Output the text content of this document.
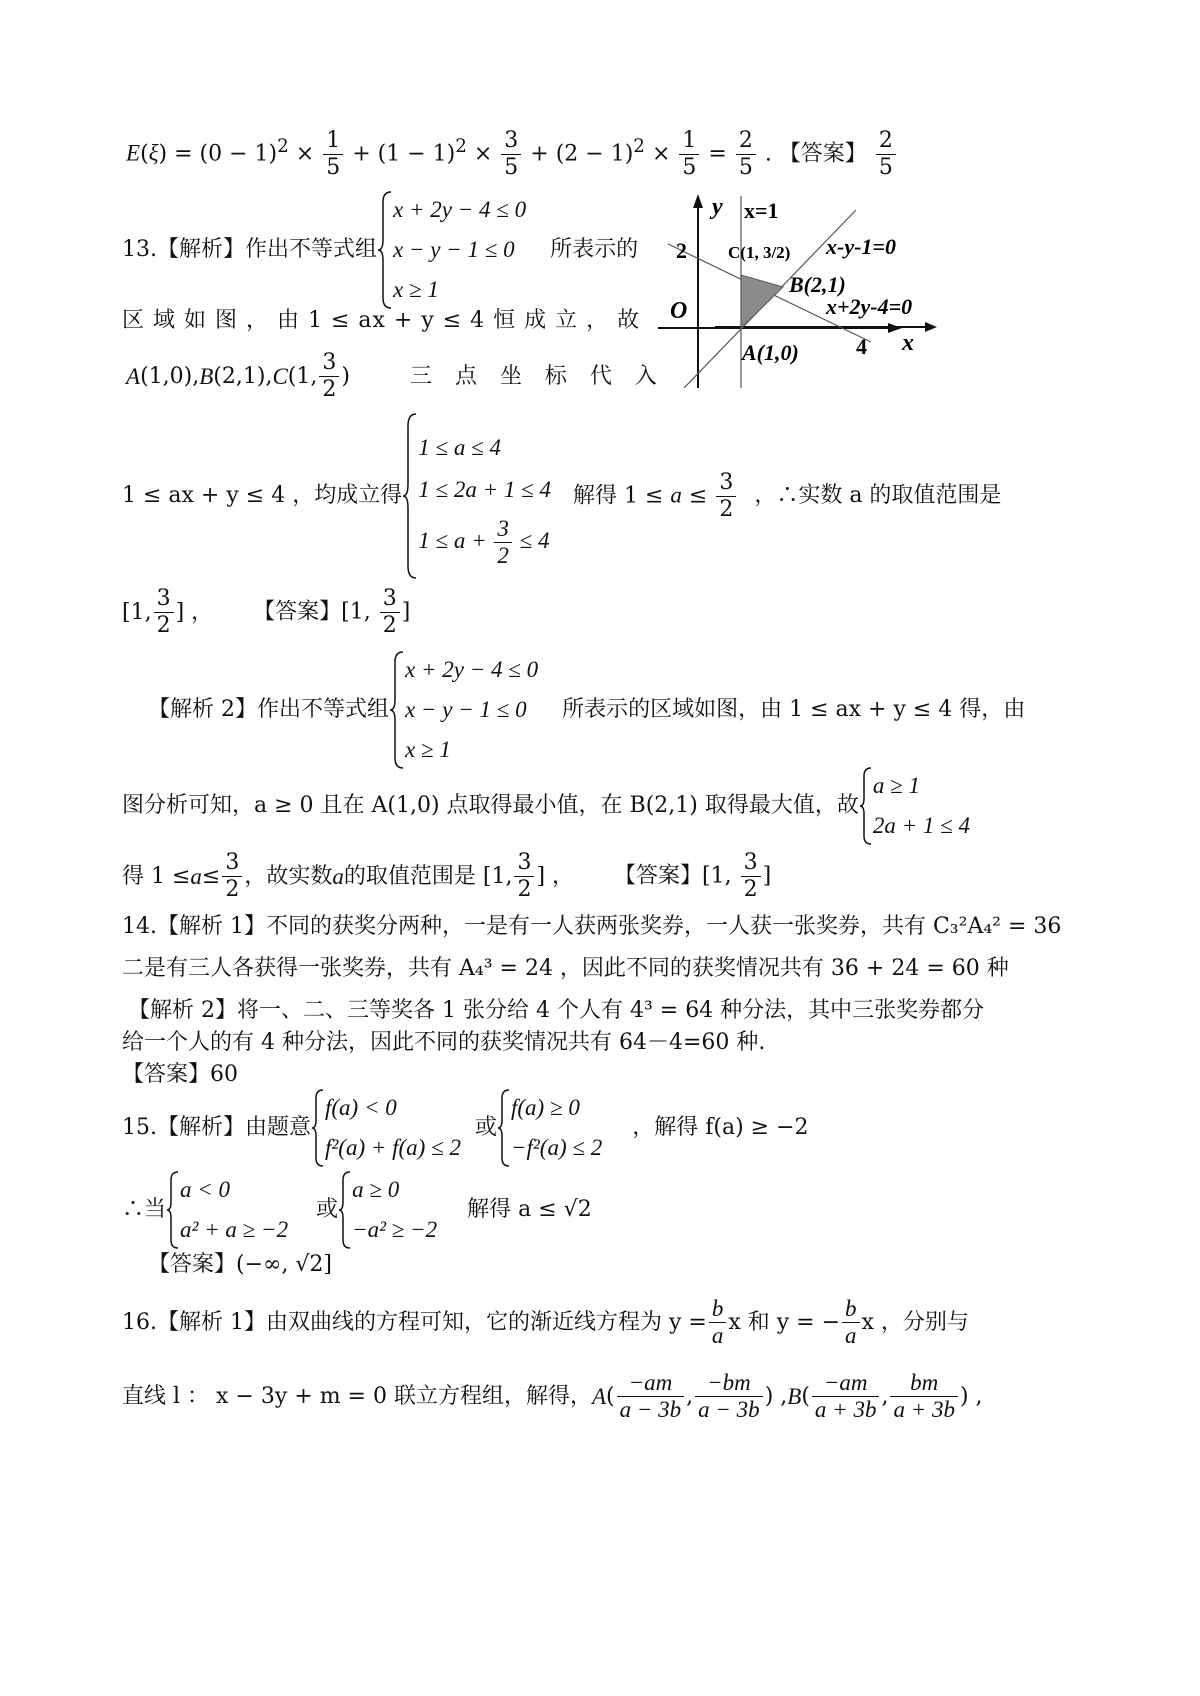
$E(\xi) = (0 - 1)^2 \times \frac{1}{5} + (1 - 1)^2 \times \frac{3}{5} + (2 - 1)^2 \times \frac{1}{5} = \frac{2}{5}$ . 【答案】 $\frac{2}{5}$
13.【解析】作出不等式组
x + 2y − 4 ≤ 0
x − y − 1 ≤ 0
x ≥ 1
所表示的
区 域 如 图 ， 由 1 ≤ ax + y ≤ 4 恒 成 立 ， 故
A (1,0), B (2,1), C (1, $\frac{3}{2}$ )	三 点 坐 标 代 入
y x=1
2 C(1, 3/2) x-y-1=0
B(2,1)
x+2y-4=0
O
A(1,0)	4 x
1 ≤ ax + y ≤ 4 ，均成立得
1 ≤ a ≤ 4
1 ≤ 2a + 1 ≤ 4
$1 \le a + \frac{3}{2} \le 4$
解得 $1 \le a \le \frac{3}{2}$ ，∴实数 a 的取值范围是
[1, $\frac{3}{2}$ ] ， 【答案】[1, $\frac{3}{2}$ ]
【解析 2】作出不等式组
x + 2y − 4 ≤ 0
x − y − 1 ≤ 0
x ≥ 1
所表示的区域如图，由 1 ≤ ax + y ≤ 4 得，由
图分析可知，a ≥ 0 且在 A(1,0) 点取得最小值，在 B(2,1) 取得最大值，故
a ≥ 1
2a + 1 ≤ 4
得 $1 \le a \le \frac{3}{2}$ ，故实数 a 的取值范围是 [1, $\frac{3}{2}$ ] ， 【答案】[1, $\frac{3}{2}$ ]
14.【解析 1】不同的获奖分两种，一是有一人获两张奖券，一人获一张奖券，共有 C₃²A₄² = 36
二是有三人各获得一张奖券，共有 A₄³ = 24 ，因此不同的获奖情况共有 36 + 24 = 60 种
【解析 2】将一、二、三等奖各 1 张分给 4 个人有 4³ = 64 种分法，其中三张奖券都分
给一个人的有 4 种分法，因此不同的获奖情况共有 64－4=60 种.
【答案】60
15.【解析】由题意
f(a) < 0
f²(a) + f(a) ≤ 2
或
f(a) ≥ 0
−f²(a) ≤ 2
，解得 f(a) ≥ −2
∴当
a < 0
a² + a ≥ −2
或
a ≥ 0
−a² ≥ −2
解得 a ≤ √2
【答案】(−∞, √2]
16.【解析 1】由双曲线的方程可知，它的渐近线方程为 $y = \frac{b}{a}$ x 和 y = − $\frac{b}{a}$ x ，分别与
直线 l ： x − 3y + m = 0 联立方程组，解得， A ( $\frac{-am}{a - 3b}$ , $\frac{-bm}{a - 3b}$ ) , B ( $\frac{-am}{a + 3b}$ , $\frac{bm}{a + 3b}$ ) ,
